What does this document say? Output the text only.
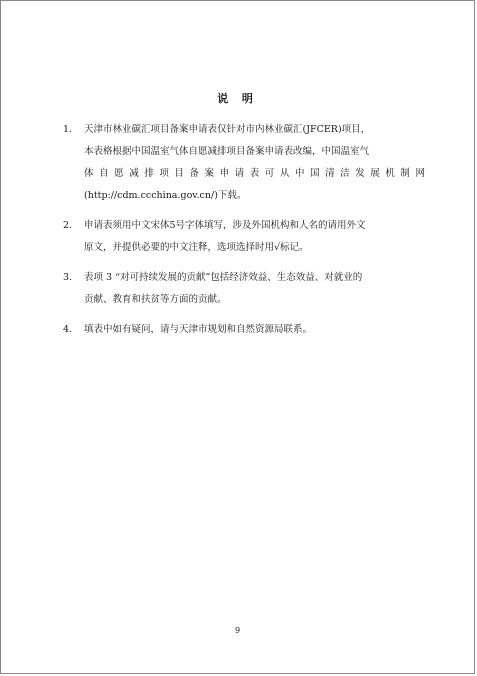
说 明
1. 天津市林业碳汇项目备案申请表仅针对市内林业碳汇(JFCER)项目，
本表格根据中国温室气体自愿减排项目备案申请表改编，中国温室气
体自愿减排项目备案申请表可从中国清洁发展机制网
(http://cdm.ccchina.gov.cn/)下载。
2. 申请表须用中文宋体5号字体填写，涉及外国机构和人名的请用外文
原文，并提供必要的中文注释，选项选择时用√标记。
3. 表项 3 “对可持续发展的贡献”包括经济效益、生态效益、对就业的
贡献、教育和扶贫等方面的贡献。
4. 填表中如有疑问，请与天津市规划和自然资源局联系。
9
